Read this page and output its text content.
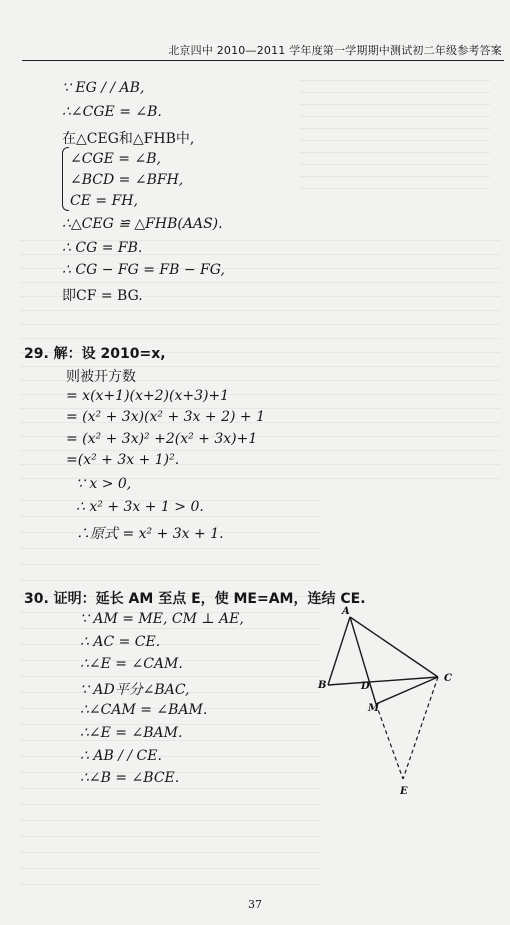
北京四中 2010—2011 学年度第一学期期中测试初二年级参考答案
∵ EG / / AB,
∴∠CGE = ∠B.
在△CEG和△FHB中,
∠CGE = ∠B,
∠BCD = ∠BFH,
CE = FH,
∴△CEG ≌ △FHB(AAS).
∴ CG = FB.
∴ CG − FG = FB − FG,
即CF = BG.
29. 解：设 2010=x,
则被开方数
= x(x+1)(x+2)(x+3)+1
= (x² + 3x)(x² + 3x + 2) + 1
= (x² + 3x)² +2(x² + 3x)+1
=(x² + 3x + 1)².
∵ x > 0,
∴ x² + 3x + 1 > 0.
∴原式 = x² + 3x + 1.
30. 证明：延长 AM 至点 E，使 ME=AM，连结 CE.
∵ AM = ME, CM ⊥ AE,
∴ AC = CE.
∴∠E = ∠CAM.
∵ AD平分∠BAC,
∴∠CAM = ∠BAM.
∴∠E = ∠BAM.
∴ AB / / CE.
∴∠B = ∠BCE.
A
B
C
D
M
E
37
